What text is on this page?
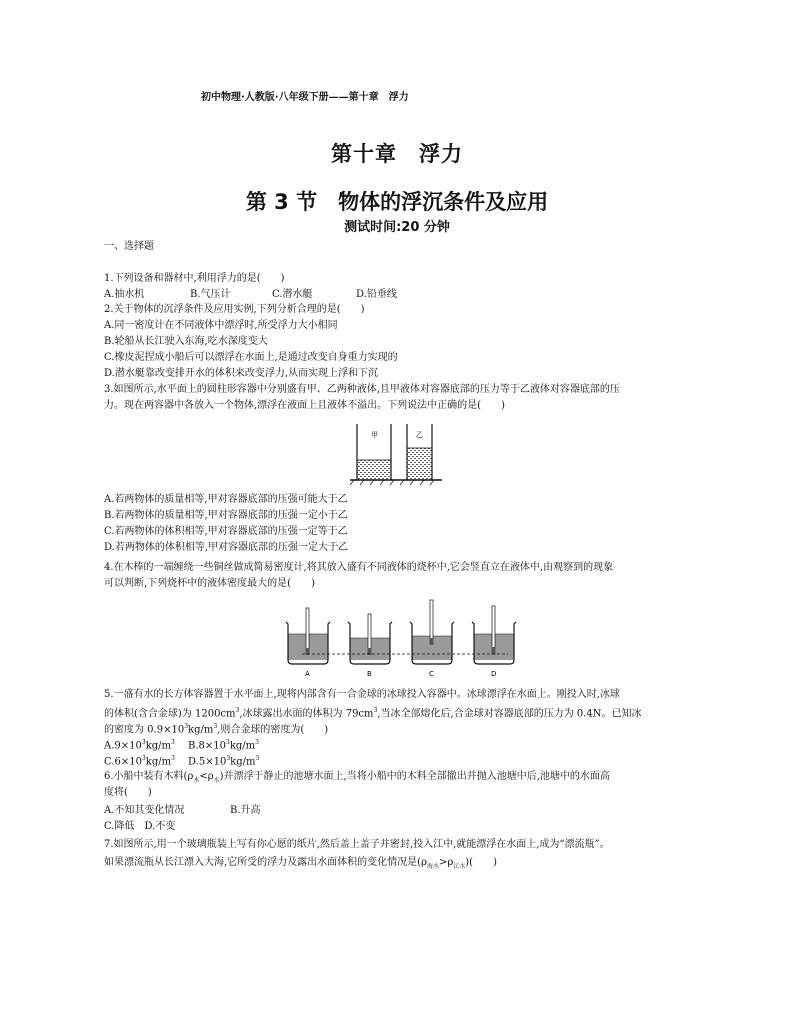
初中物理·人教版·八年级下册——第十章　浮力
第十章　浮力
第 3 节　物体的浮沉条件及应用
测试时间:20 分钟
一、选择题
1.下列设备和器材中,利用浮力的是(　　)
A.抽水机	B.气压计	C.潜水艇	D.铅垂线
2.关于物体的沉浮条件及应用实例,下列分析合理的是(　　)
A.同一密度计在不同液体中漂浮时,所受浮力大小相同
B.轮船从长江驶入东海,吃水深度变大
C.橡皮泥捏成小船后可以漂浮在水面上,是通过改变自身重力实现的
D.潜水艇靠改变排开水的体积来改变浮力,从而实现上浮和下沉
3.如图所示,水平面上的圆柱形容器中分别盛有甲、乙两种液体,且甲液体对容器底部的压力等于乙液体对容器底部的压
力。现在两容器中各放入一个物体,漂浮在液面上且液体不溢出。下列说法中正确的是(　　)
甲	乙
A.若两物体的质量相等,甲对容器底部的压强可能大于乙
B.若两物体的质量相等,甲对容器底部的压强一定小于乙
C.若两物体的体积相等,甲对容器底部的压强一定等于乙
D.若两物体的体积相等,甲对容器底部的压强一定大于乙
4.在木棒的一端缠绕一些铜丝做成简易密度计,将其放入盛有不同液体的烧杯中,它会竖直立在液体中,由观察到的现象
可以判断,下列烧杯中的液体密度最大的是(　　)
A	B	C	D
5.一盛有水的长方体容器置于水平面上,现将内部含有一合金球的冰球投入容器中。冰球漂浮在水面上。刚投入时,冰球
的体积(含合金球)为 $1200cm^3$,冰球露出水面的体积为 $79cm^3$,当冰全部熔化后,合金球对容器底部的压力为 0.4N。已知冰
的密度为 $0.9\times 10^3kg/m^3$,则合金球的密度为(　　)
$A.9\times 10^3kg/m^3$ $B.8\times 10^3kg/m^3$
$C.6\times 10^3kg/m^3$ $D.5\times 10^3kg/m^3$
6.小船中装有木料$(\rho_木<\rho_水)$并漂浮于静止的池塘水面上,当将小船中的木料全部撤出并抛入池塘中后,池塘中的水面高
度将(　　)
A.不知其变化情况	B.升高
C.降低　D.不变
7.如图所示,用一个玻璃瓶装上写有你心愿的纸片,然后盖上盖子并密封,投入江中,就能漂浮在水面上,成为“漂流瓶”。
如果漂流瓶从长江漂入大海,它所受的浮力及露出水面体积的变化情况是$(\rho_{海水}>\rho_{江水})$(　　)
